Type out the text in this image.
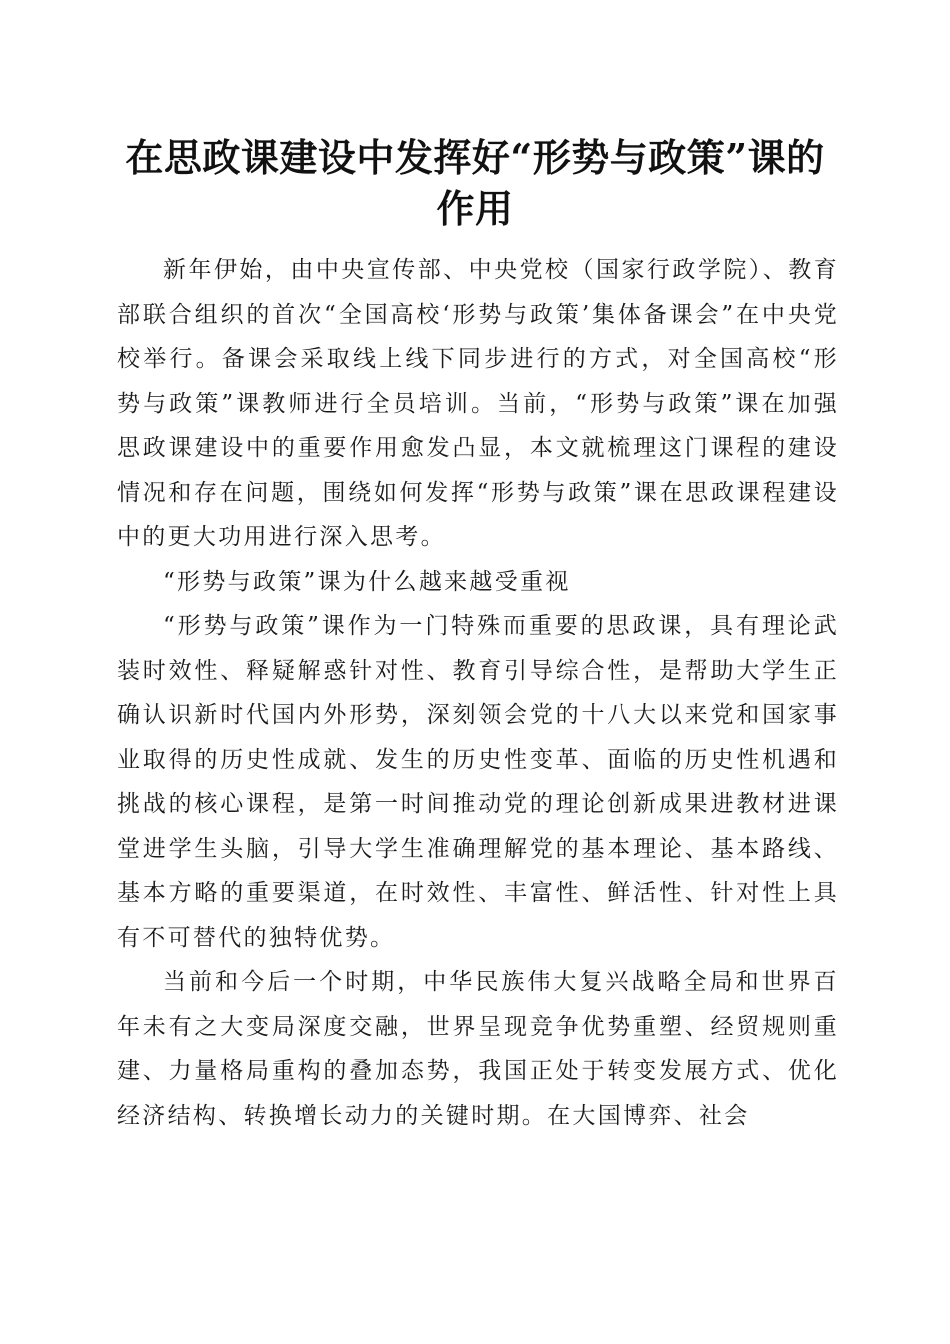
在思政课建设中发挥好“形势与政策”课的作用

新年伊始，由中央宣传部、中央党校（国家行政学院）、教育部联合组织的首次“全国高校‘形势与政策’集体备课会”在中央党校举行。备课会采取线上线下同步进行的方式，对全国高校“形势与政策”课教师进行全员培训。当前，“形势与政策”课在加强思政课建设中的重要作用愈发凸显，本文就梳理这门课程的建设情况和存在问题，围绕如何发挥“形势与政策”课在思政课程建设中的更大功用进行深入思考。

“形势与政策”课为什么越来越受重视

“形势与政策”课作为一门特殊而重要的思政课，具有理论武装时效性、释疑解惑针对性、教育引导综合性，是帮助大学生正确认识新时代国内外形势，深刻领会党的十八大以来党和国家事业取得的历史性成就、发生的历史性变革、面临的历史性机遇和挑战的核心课程，是第一时间推动党的理论创新成果进教材进课堂进学生头脑，引导大学生准确理解党的基本理论、基本路线、基本方略的重要渠道，在时效性、丰富性、鲜活性、针对性上具有不可替代的独特优势。

当前和今后一个时期，中华民族伟大复兴战略全局和世界百年未有之大变局深度交融，世界呈现竞争优势重塑、经贸规则重建、力量格局重构的叠加态势，我国正处于转变发展方式、优化经济结构、转换增长动力的关键时期。在大国博弈、社会
